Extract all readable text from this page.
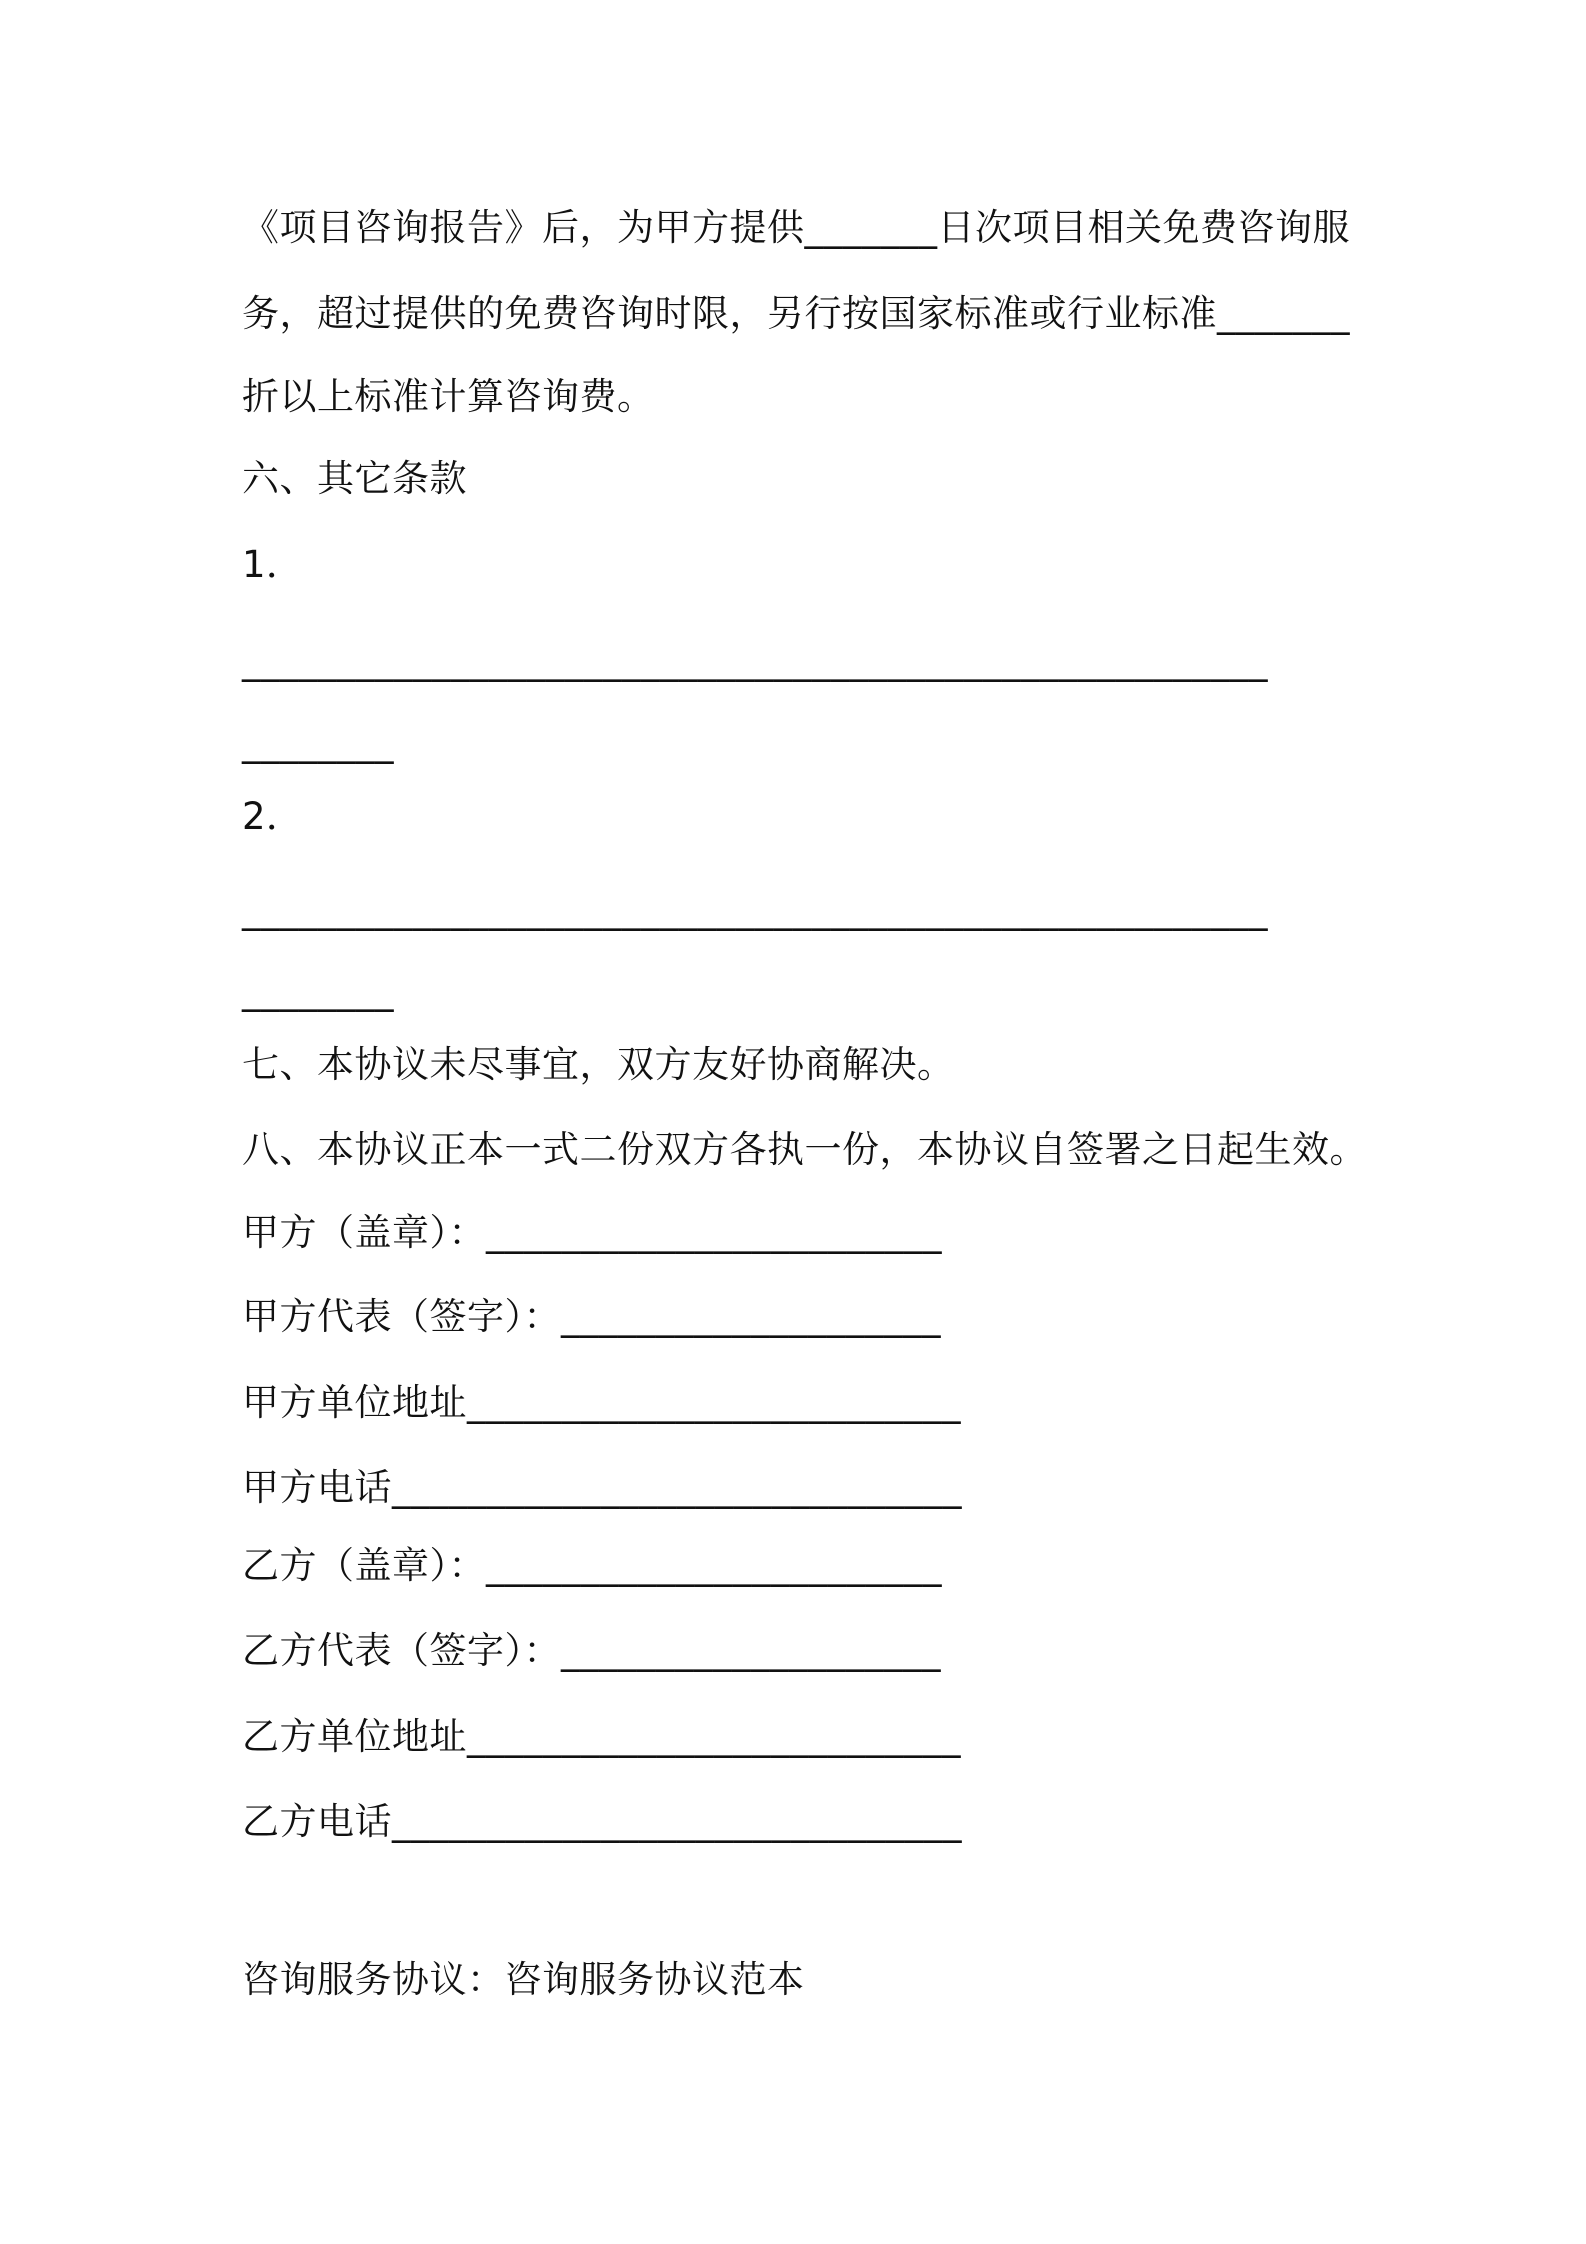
《项目咨询报告》后，为甲方提供_______日次项目相关免费咨询服
务，超过提供的免费咨询时限，另行按国家标准或行业标准_______
折以上标准计算咨询费。
六、其它条款
1．
______________________________________________________
________
2．
______________________________________________________
________
七、本协议未尽事宜，双方友好协商解决。
八、本协议正本一式二份双方各执一份，本协议自签署之日起生效。
甲方（盖章）：________________________
甲方代表（签字）：____________________
甲方单位地址__________________________
甲方电话______________________________
乙方（盖章）：________________________
乙方代表（签字）：____________________
乙方单位地址__________________________
乙方电话______________________________
咨询服务协议：咨询服务协议范本
